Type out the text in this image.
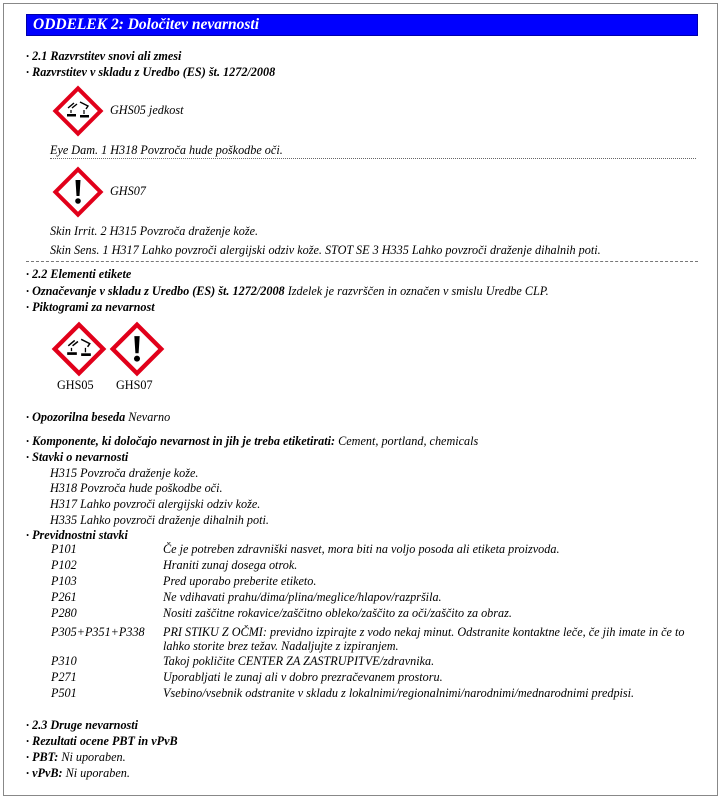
ODDELEK 2: Določitev nevarnosti
· 2.1 Razvrstitev snovi ali zmesi
· Razvrstitev v skladu z Uredbo (ES) št. 1272/2008
GHS05 jedkost
Eye Dam. 1 H318 Povzroča hude poškodbe oči.
GHS07
Skin Irrit. 2 H315 Povzroča draženje kože.
Skin Sens. 1 H317 Lahko povzroči alergijski odziv kože. STOT SE 3 H335 Lahko povzroči draženje dihalnih poti.
· 2.2 Elementi etikete
· Označevanje v skladu z Uredbo (ES) št. 1272/2008 Izdelek je razvrščen in označen v smislu Uredbe CLP.
· Piktogrami za nevarnost
GHS05 GHS07
· Opozorilna beseda Nevarno
· Komponente, ki določajo nevarnost in jih je treba etiketirati: Cement, portland, chemicals
· Stavki o nevarnosti
H315 Povzroča draženje kože.
H318 Povzroča hude poškodbe oči.
H317 Lahko povzroči alergijski odziv kože.
H335 Lahko povzroči draženje dihalnih poti.
· Previdnostni stavki
P101	Če je potreben zdravniški nasvet, mora biti na voljo posoda ali etiketa proizvoda.
P102	Hraniti zunaj dosega otrok.
P103	Pred uporabo preberite etiketo.
P261	Ne vdihavati prahu/dima/plina/meglice/hlapov/razpršila.
P280	Nositi zaščitne rokavice/zaščitno obleko/zaščito za oči/zaščito za obraz.
P305+P351+P338 PRI STIKU Z OČMI: previdno izpirajte z vodo nekaj minut. Odstranite kontaktne leče, če jih imate in če to lahko storite brez težav. Nadaljujte z izpiranjem.
P310	Takoj pokličite CENTER ZA ZASTRUPITVE/zdravnika.
P271	Uporabljati le zunaj ali v dobro prezračevanem prostoru.
P501	Vsebino/vsebnik odstranite v skladu z lokalnimi/regionalnimi/narodnimi/mednarodnimi predpisi.
· 2.3 Druge nevarnosti
· Rezultati ocene PBT in vPvB
· PBT: Ni uporaben.
· vPvB: Ni uporaben.
